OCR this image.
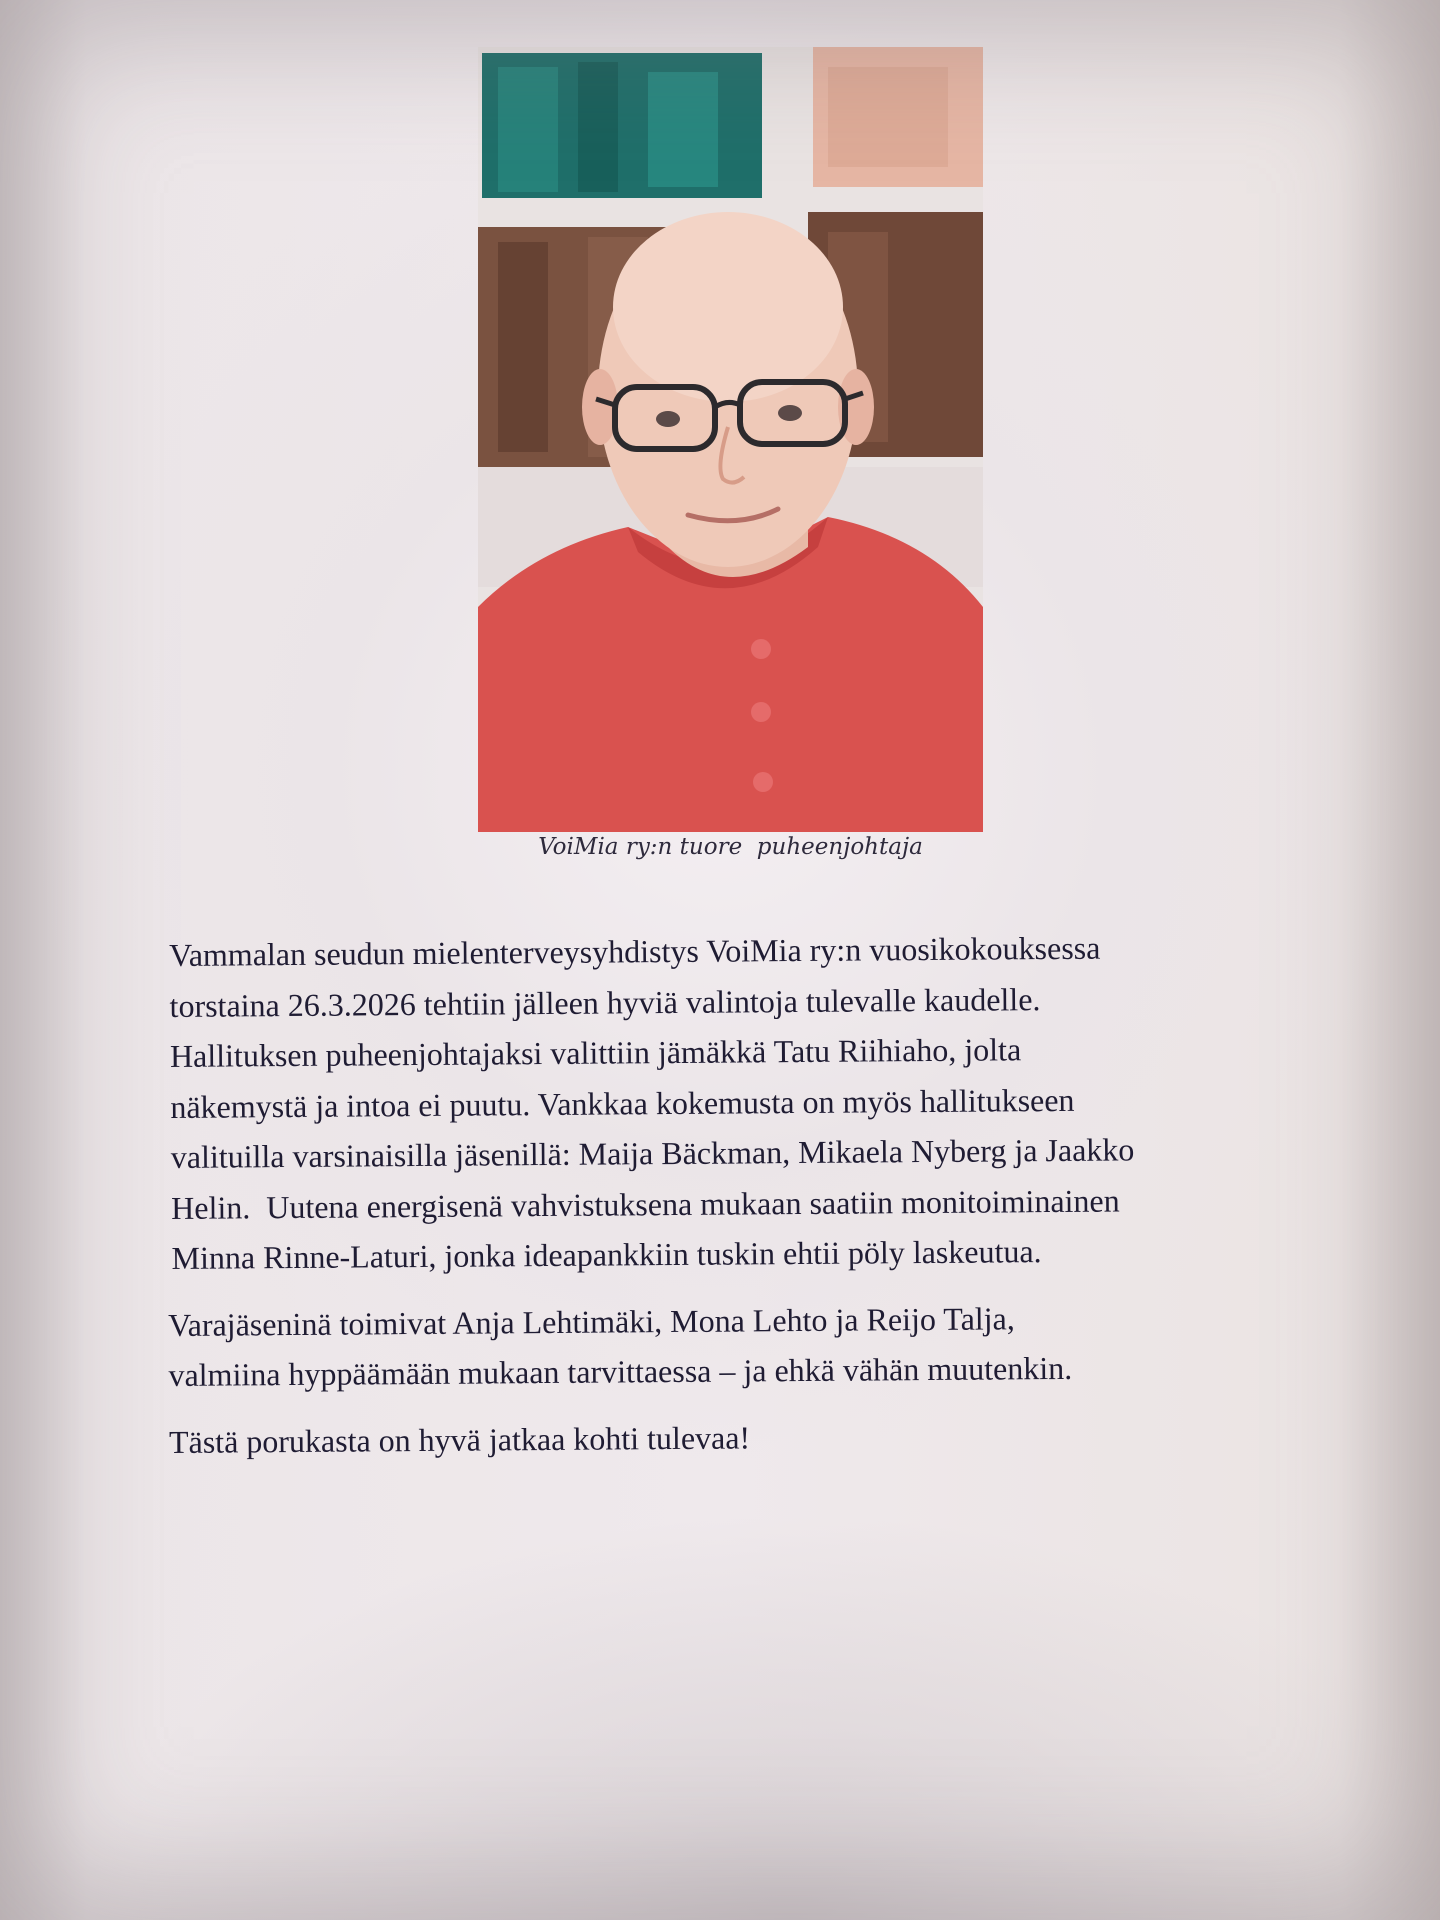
VoiMia ry:n tuore  puheenjohtaja

Vammalan seudun mielenterveysyhdistys VoiMia ry:n vuosikokouksessa
torstaina 26.3.2026 tehtiin jälleen hyviä valintoja tulevalle kaudelle.
Hallituksen puheenjohtajaksi valittiin jämäkkä Tatu Riihiaho, jolta
näkemystä ja intoa ei puutu. Vankkaa kokemusta on myös hallitukseen
valituilla varsinaisilla jäsenillä: Maija Bäckman, Mikaela Nyberg ja Jaakko
Helin.  Uutena energisenä vahvistuksena mukaan saatiin monitoiminainen
Minna Rinne-Laturi, jonka ideapankkiin tuskin ehtii pöly laskeutua.

Varajäseninä toimivat Anja Lehtimäki, Mona Lehto ja Reijo Talja,
valmiina hyppäämään mukaan tarvittaessa – ja ehkä vähän muutenkin.

Tästä porukasta on hyvä jatkaa kohti tulevaa!
